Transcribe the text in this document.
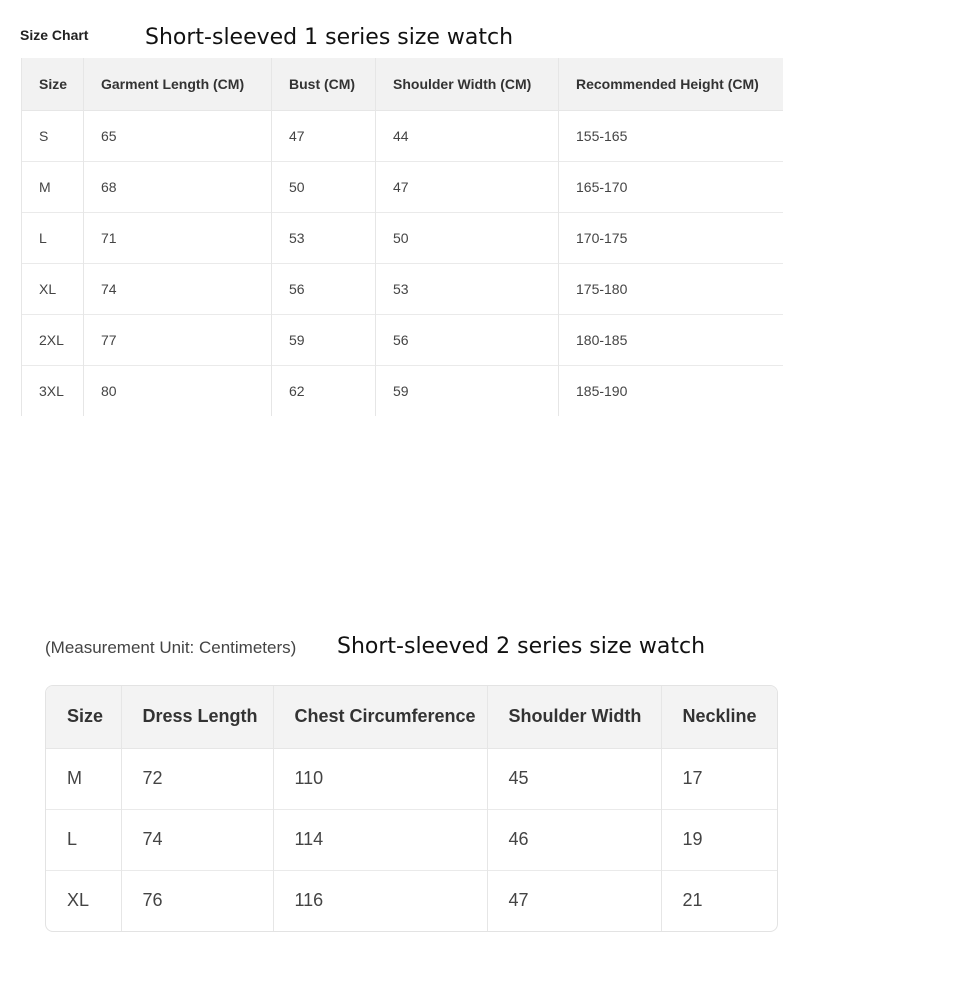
Size Chart	Short-sleeved 1 series size watch
Size	Garment Length (CM)	Bust (CM)	Shoulder Width (CM)	Recommended Height (CM)
S	65	47	44	155-165
M	68	50	47	165-170
L	71	53	50	170-175
XL	74	56	53	175-180
2XL	77	59	56	180-185
3XL	80	62	59	185-190
(Measurement Unit: Centimeters) Short-sleeved 2 series size watch
Size	Dress Length	Chest Circumference	Shoulder Width	Neckline
M	72	110	45	17
L	74	114	46	19
XL	76	116	47	21
